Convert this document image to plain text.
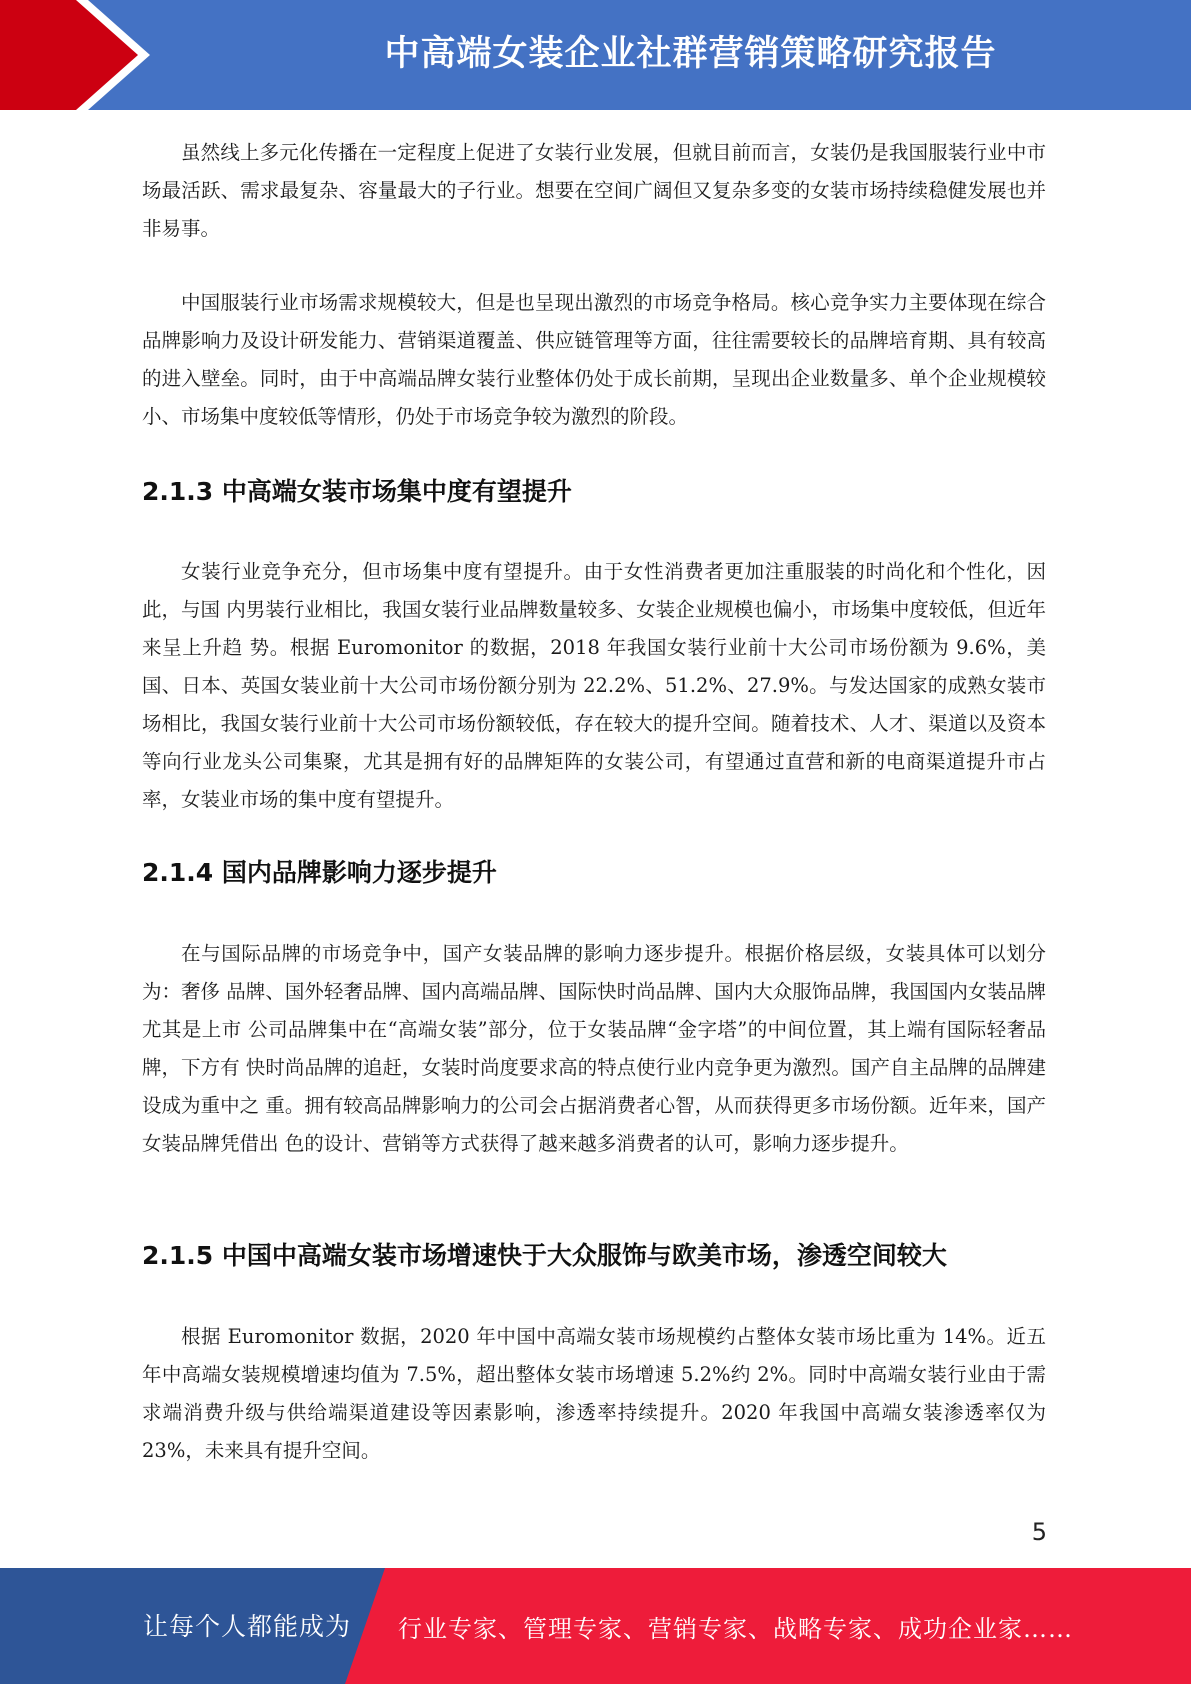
中高端女装企业社群营销策略研究报告

虽然线上多元化传播在一定程度上促进了女装行业发展，但就目前而言，女装仍是我国服装行业中市场最活跃、需求最复杂、容量最大的子行业。想要在空间广阔但又复杂多变的女装市场持续稳健发展也并非易事。

中国服装行业市场需求规模较大，但是也呈现出激烈的市场竞争格局。核心竞争实力主要体现在综合品牌影响力及设计研发能力、营销渠道覆盖、供应链管理等方面，往往需要较长的品牌培育期、具有较高的进入壁垒。同时，由于中高端品牌女装行业整体仍处于成长前期，呈现出企业数量多、单个企业规模较小、市场集中度较低等情形，仍处于市场竞争较为激烈的阶段。

2.1.3 中高端女装市场集中度有望提升

女装行业竞争充分，但市场集中度有望提升。由于女性消费者更加注重服装的时尚化和个性化，因此，与国 内男装行业相比，我国女装行业品牌数量较多、女装企业规模也偏小，市场集中度较低，但近年来呈上升趋 势。根据 Euromonitor 的数据，2018 年我国女装行业前十大公司市场份额为 9.6%，美国、日本、英国女装业前十大公司市场份额分别为 22.2%、51.2%、27.9%。与发达国家的成熟女装市场相比，我国女装行业前十大公司市场份额较低，存在较大的提升空间。随着技术、人才、渠道以及资本等向行业龙头公司集聚，尤其是拥有好的品牌矩阵的女装公司，有望通过直营和新的电商渠道提升市占率，女装业市场的集中度有望提升。

2.1.4 国内品牌影响力逐步提升

在与国际品牌的市场竞争中，国产女装品牌的影响力逐步提升。根据价格层级，女装具体可以划分为：奢侈 品牌、国外轻奢品牌、国内高端品牌、国际快时尚品牌、国内大众服饰品牌，我国国内女装品牌尤其是上市 公司品牌集中在“高端女装”部分，位于女装品牌“金字塔”的中间位置，其上端有国际轻奢品牌，下方有 快时尚品牌的追赶，女装时尚度要求高的特点使行业内竞争更为激烈。国产自主品牌的品牌建设成为重中之 重。拥有较高品牌影响力的公司会占据消费者心智，从而获得更多市场份额。近年来，国产女装品牌凭借出 色的设计、营销等方式获得了越来越多消费者的认可，影响力逐步提升。

2.1.5 中国中高端女装市场增速快于大众服饰与欧美市场，渗透空间较大

根据 Euromonitor 数据，2020 年中国中高端女装市场规模约占整体女装市场比重为 14%。近五年中高端女装规模增速均值为 7.5%，超出整体女装市场增速 5.2%约 2%。同时中高端女装行业由于需求端消费升级与供给端渠道建设等因素影响，渗透率持续提升。2020 年我国中高端女装渗透率仅为 23%，未来具有提升空间。

5
让每个人都能成为 行业专家、管理专家、营销专家、战略专家、成功企业家……
